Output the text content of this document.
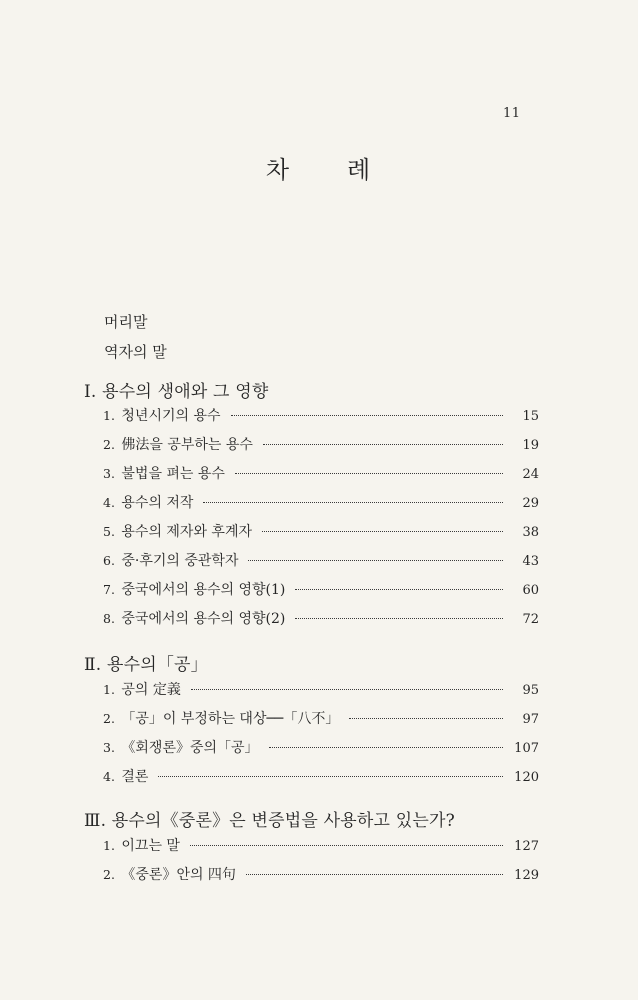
11
차 례
머리말
역자의 말
Ⅰ. 용수의 생애와 그 영향
1. 청년시기의 용수	15
2. 佛法을 공부하는 용수	19
3. 불법을 펴는 용수	24
4. 용수의 저작	29
5. 용수의 제자와 후계자	38
6. 중·후기의 중관학자	43
7. 중국에서의 용수의 영향(1)	60
8. 중국에서의 용수의 영향(2)	72
Ⅱ. 용수의「공」
1. 공의 定義	95
2. 「공」이 부정하는 대상──「八不」	97
3. 《회쟁론》중의「공」	107
4. 결론	120
Ⅲ. 용수의《중론》은 변증법을 사용하고 있는가?
1. 이끄는 말	127
2. 《중론》안의 四句	129
